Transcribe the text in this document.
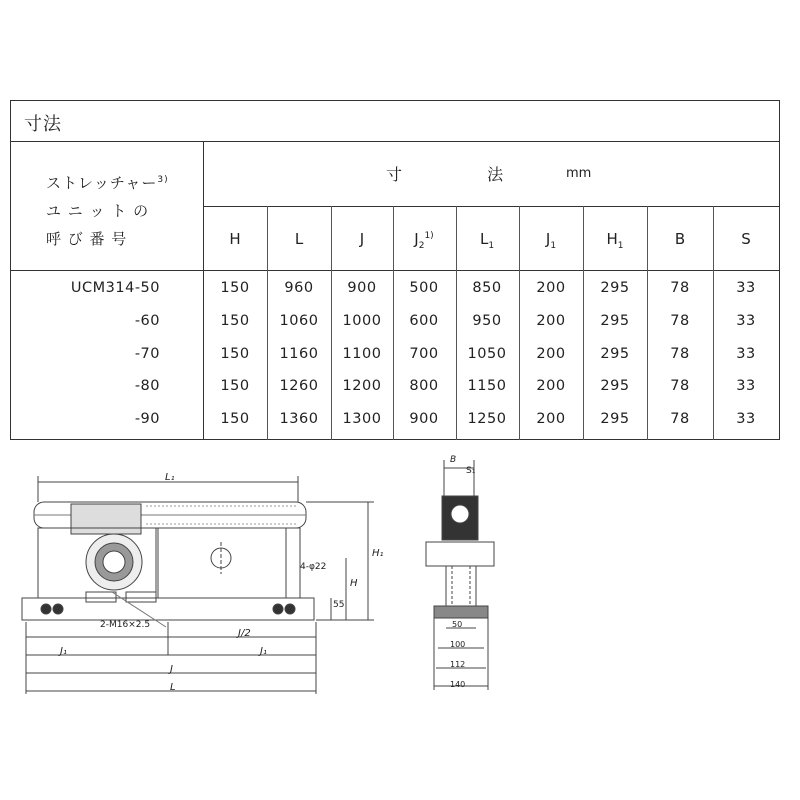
寸法
ストレッチャー$^{3)}$
ユ ニ ッ ト の
呼 び 番 号
寸 法	mm
H	L	J	$J_2^{1)}$	$L_1$	$J_1$	$H_1$	B	S
UCM314-50	150	960	900	500	850	200	295	78	33
-60	150	1060	1000	600	950	200	295	78	33
-70	150	1160	1100	700	1050	200	295	78	33
-80	150	1260	1200	800	1150	200	295	78	33
-90	150	1360	1300	900	1250	200	295	78	33
L₁
H₁
H
4-φ22
55
2-M16×2.5
J/2
J₁	J₁
J
L
B
S₁
50
100
112
140
